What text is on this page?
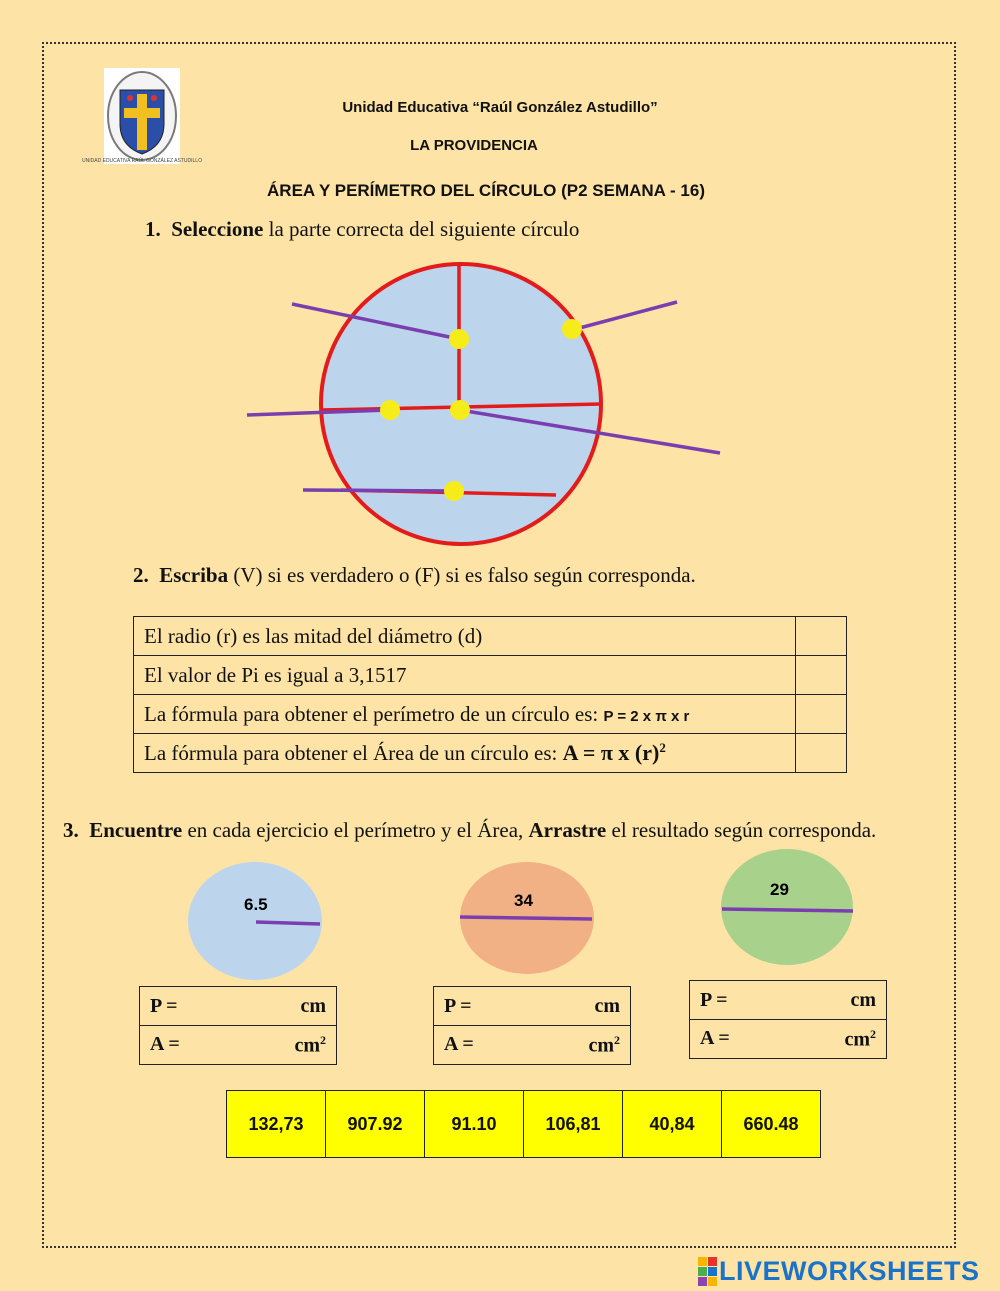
UNIDAD EDUCATIVA RAÚL GONZÁLEZ ASTUDILLO
Unidad Educativa “Raúl González Astudillo”
LA PROVIDENCIA
ÁREA Y PERÍMETRO DEL CÍRCULO (P2 SEMANA - 16)
1. Seleccione la parte correcta del siguiente círculo
2. Escriba (V) si es verdadero o (F) si es falso según corresponda.
El radio (r) es las mitad del diámetro (d)	
El valor de Pi es igual a 3,1517	
La fórmula para obtener el perímetro de un círculo es: P = 2 x π x r	
La fórmula para obtener el Área de un círculo es: A = π x $(r)^2$	
3. Encuentre en cada ejercicio el perímetro y el Área, Arrastre el resultado según corresponda.
6.5	34
29
P =	cm

A =	$cm^2$
P =	cm

A =	$cm^2$
P =	cm

A =	$cm^2$
132,73	907.92	91.10	106,81	40,84	660.48
LIVEWORKSHEETS
